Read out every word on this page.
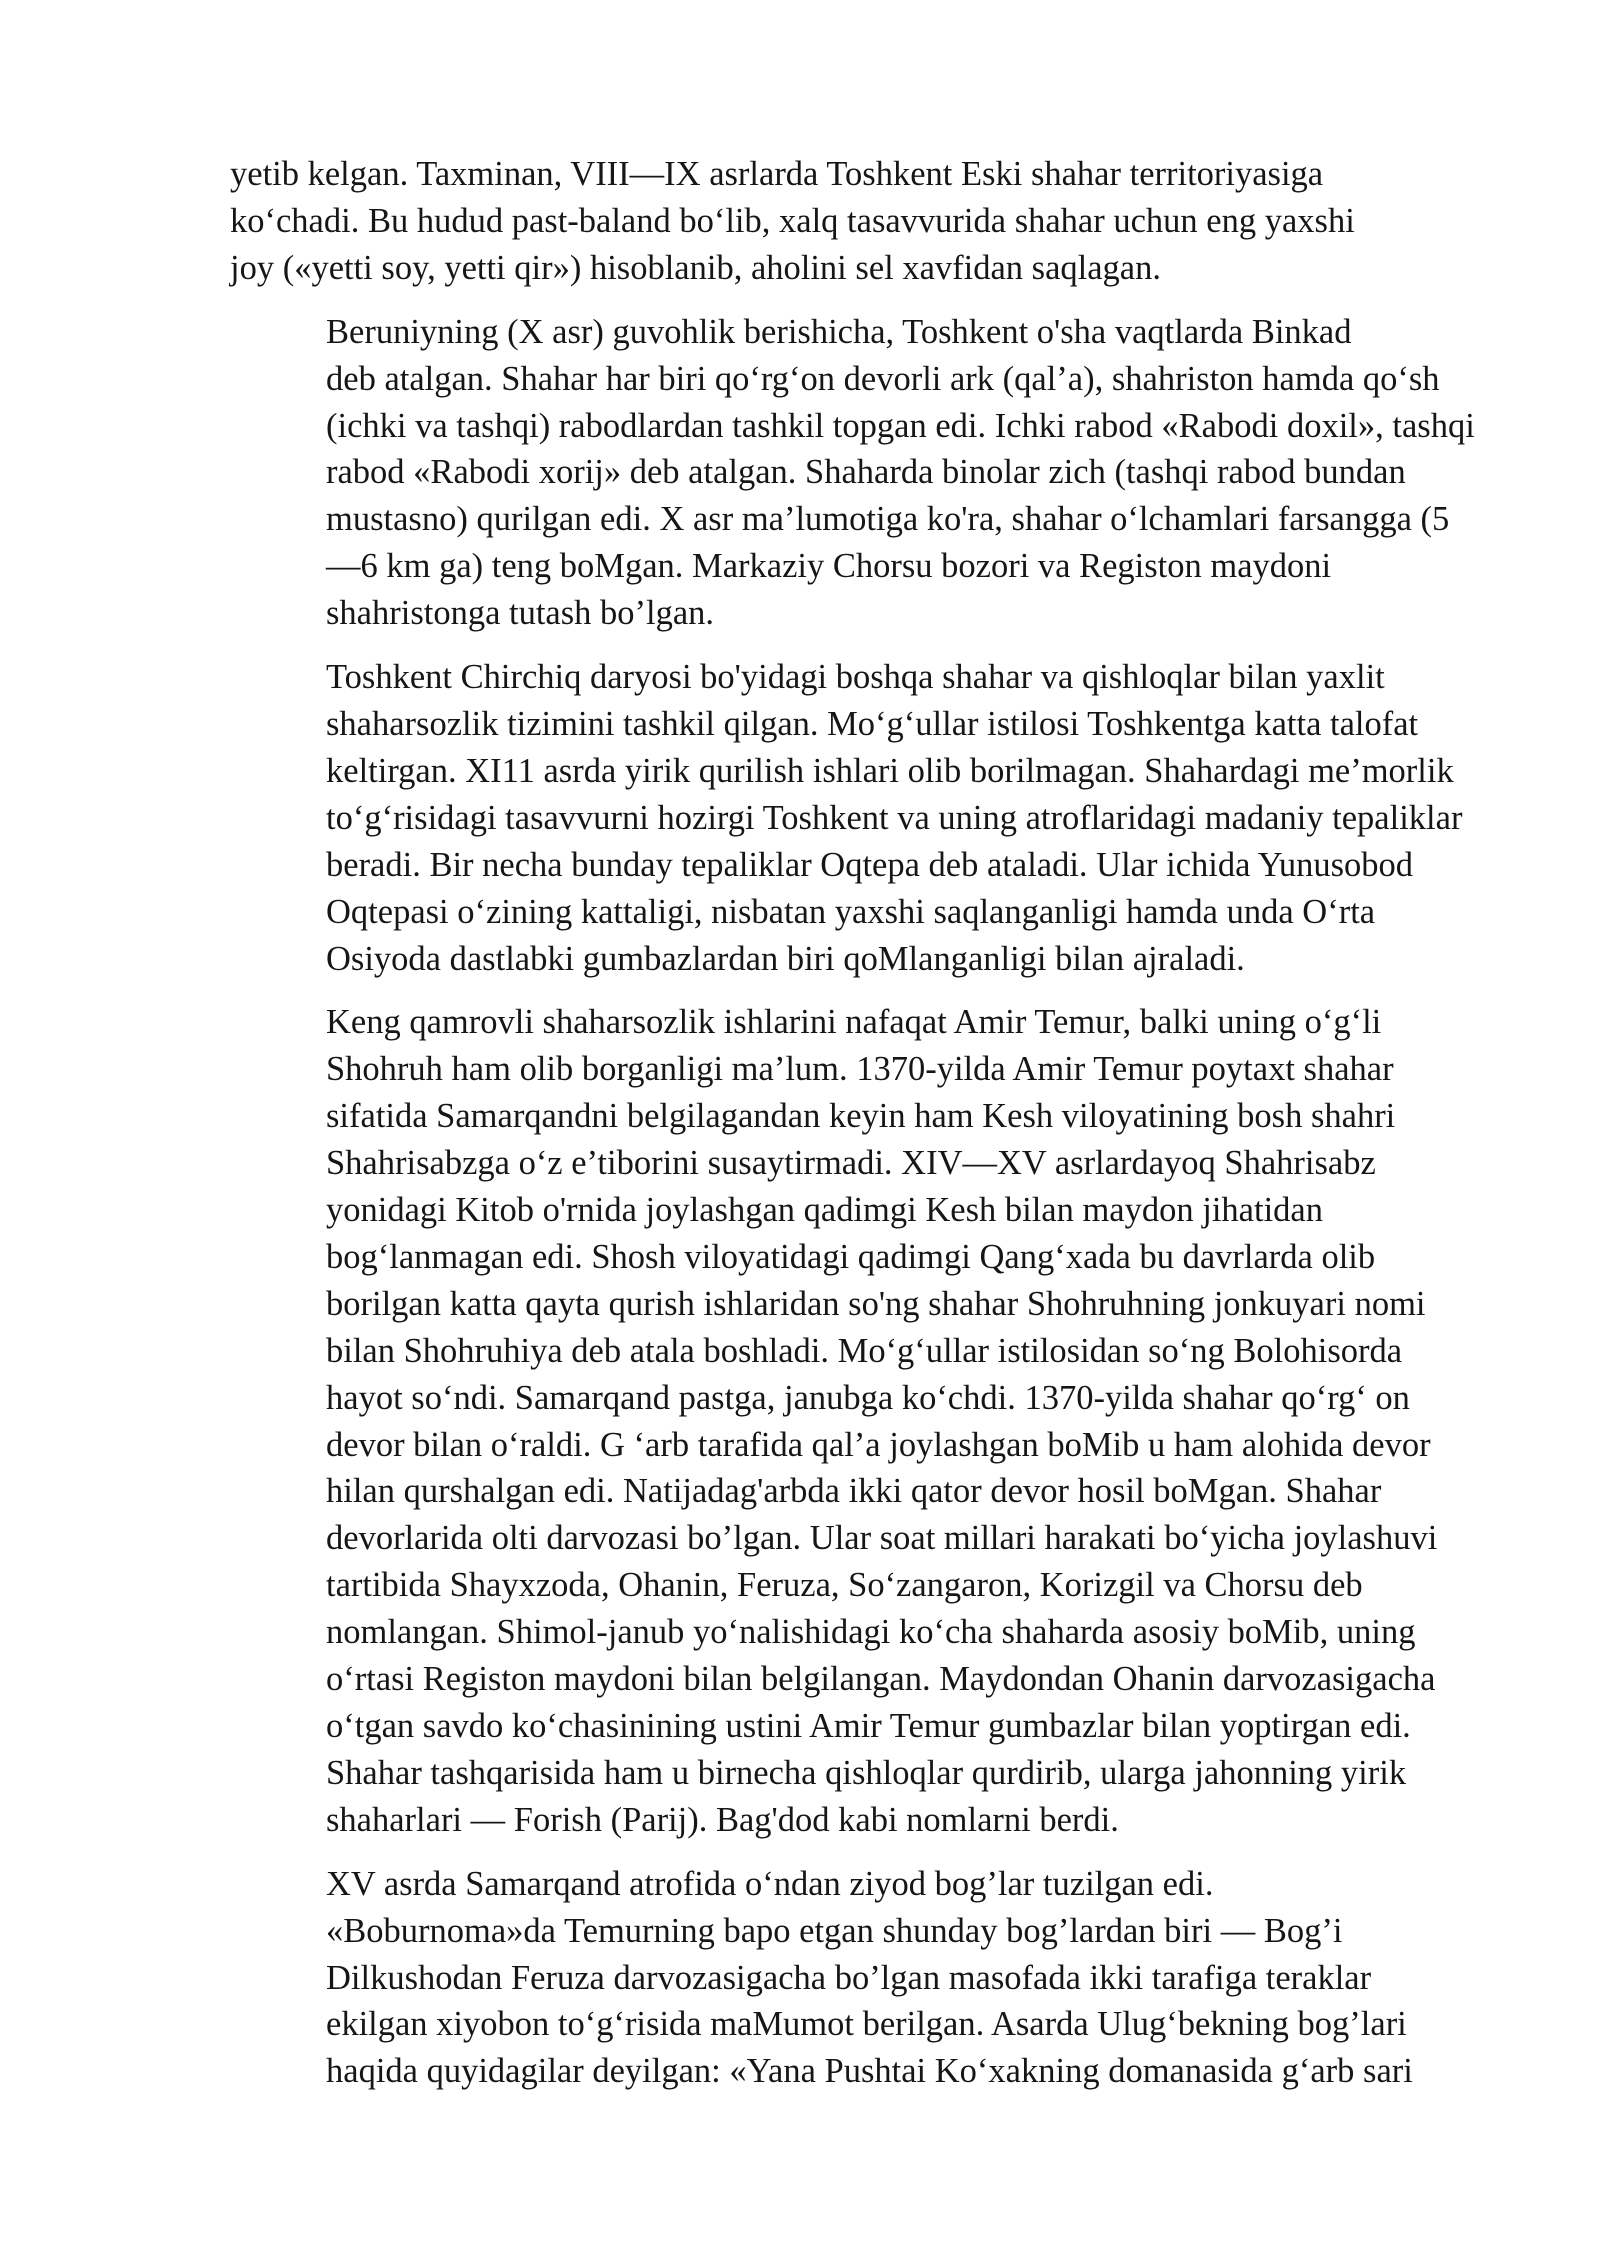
yetib kelgan. Taxminan, VIII—IX asrlarda Toshkent Eski shahar territoriyasiga
ko‘chadi. Bu hudud past-baland bo‘lib, xalq tasavvurida shahar uchun eng yaxshi
joy («yetti soy, yetti qir») hisoblanib, aholini sel xavfidan saqlagan.

Beruniyning (X asr) guvohlik berishicha, Toshkent o'sha vaqtlarda Binkad
deb atalgan. Shahar har biri qo‘rg‘on devorli ark (qal’a), shahriston hamda qo‘sh
(ichki va tashqi) rabodlardan tashkil topgan edi. Ichki rabod «Rabodi doxil», tashqi
rabod «Rabodi xorij» deb atalgan. Shaharda binolar zich (tashqi rabod bundan
mustasno) qurilgan edi. X asr ma’lumotiga ko'ra, shahar o‘lchamlari farsangga (5
—6 km ga) teng boMgan. Markaziy Chorsu bozori va Registon maydoni
shahristonga tutash bo’lgan.

Toshkent Chirchiq daryosi bo'yidagi boshqa shahar va qishloqlar bilan yaxlit
shaharsozlik tizimini tashkil qilgan. Mo‘g‘ullar istilosi Toshkentga katta talofat
keltirgan. XI11 asrda yirik qurilish ishlari olib borilmagan. Shahardagi me’morlik
to‘g‘risidagi tasavvurni hozirgi Toshkent va uning atroflaridagi madaniy tepaliklar
beradi. Bir necha bunday tepaliklar Oqtepa deb ataladi. Ular ichida Yunusobod
Oqtepasi o‘zining kattaligi, nisbatan yaxshi saqlanganligi hamda unda O‘rta
Osiyoda dastlabki gumbazlardan biri qoMlanganligi bilan ajraladi.

Keng qamrovli shaharsozlik ishlarini nafaqat Amir Temur, balki uning o‘g‘li
Shohruh ham olib borganligi ma’lum. 1370-yilda Amir Temur poytaxt shahar
sifatida Samarqandni belgilagandan keyin ham Kesh viloyatining bosh shahri
Shahrisabzga o‘z e’tiborini susaytirmadi. XIV—XV asrlardayoq Shahrisabz
yonidagi Kitob o'rnida joylashgan qadimgi Kesh bilan maydon jihatidan
bog‘lanmagan edi. Shosh viloyatidagi qadimgi Qang‘xada bu davrlarda olib
borilgan katta qayta qurish ishlaridan so'ng shahar Shohruhning jonkuyari nomi
bilan Shohruhiya deb atala boshladi. Mo‘g‘ullar istilosidan so‘ng Bolohisorda
hayot so‘ndi. Samarqand pastga, janubga ko‘chdi. 1370-yilda shahar qo‘rg‘ on
devor bilan o‘raldi. G ‘arb tarafida qal’a joylashgan boMib u ham alohida devor
hilan qurshalgan edi. Natijadag'arbda ikki qator devor hosil boMgan. Shahar
devorlarida olti darvozasi bo’lgan. Ular soat millari harakati bo‘yicha joylashuvi
tartibida Shayxzoda, Ohanin, Feruza, So‘zangaron, Korizgil va Chorsu deb
nomlangan. Shimol-janub yo‘nalishidagi ko‘cha shaharda asosiy boMib, uning
o‘rtasi Registon maydoni bilan belgilangan. Maydondan Ohanin darvozasigacha
o‘tgan savdo ko‘chasinining ustini Amir Temur gumbazlar bilan yoptirgan edi.
Shahar tashqarisida ham u birnecha qishloqlar qurdirib, ularga jahonning yirik
shaharlari — Forish (Parij). Bag'dod kabi nomlarni berdi.

XV asrda Samarqand atrofida o‘ndan ziyod bog’lar tuzilgan edi.
«Boburnoma»da Temurning bapo etgan shunday bog’lardan biri — Bog’i
Dilkushodan Feruza darvozasigacha bo’lgan masofada ikki tarafiga teraklar
ekilgan xiyobon to‘g‘risida maMumot berilgan. Asarda Ulug‘bekning bog’lari
haqida quyidagilar deyilgan: «Yana Pushtai Ko‘xakning domanasida g‘arb sari
